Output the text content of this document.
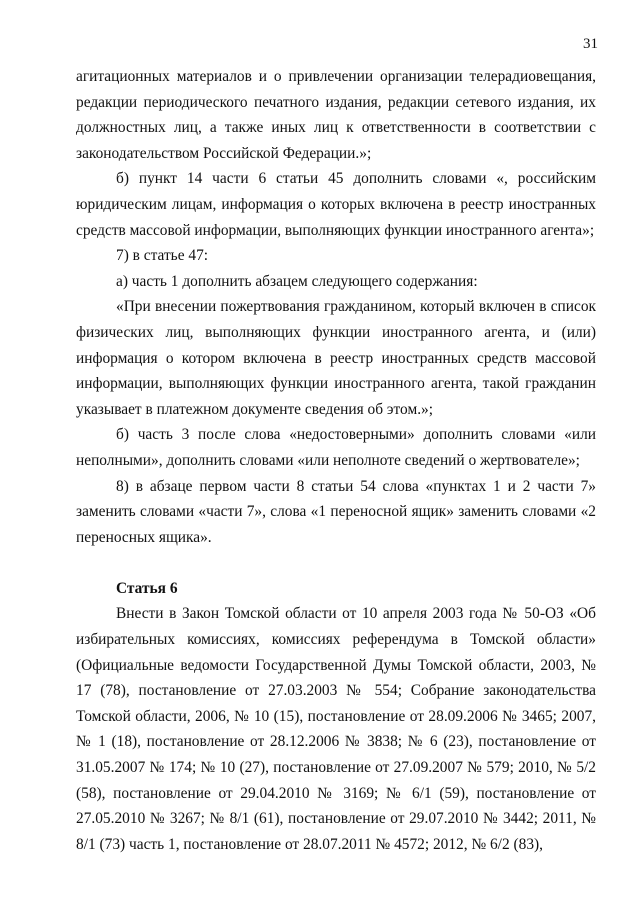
31

агитационных материалов и о привлечении организации телерадиовещания, редакции периодического печатного издания, редакции сетевого издания, их должностных лиц, а также иных лиц к ответственности в соответствии с законодательством Российской Федерации.»;

б) пункт 14 части 6 статьи 45 дополнить словами «, российским юридическим лицам, информация о которых включена в реестр иностранных средств массовой информации, выполняющих функции иностранного агента»;

7) в статье 47:

а) часть 1 дополнить абзацем следующего содержания:

«При внесении пожертвования гражданином, который включен в список физических лиц, выполняющих функции иностранного агента, и (или) информация о котором включена в реестр иностранных средств массовой информации, выполняющих функции иностранного агента, такой гражданин указывает в платежном документе сведения об этом.»;

б) часть 3 после слова «недостоверными» дополнить словами «или неполными», дополнить словами «или неполноте сведений о жертвователе»;

8) в абзаце первом части 8 статьи 54 слова «пунктах 1 и 2 части 7» заменить словами «части 7», слова «1 переносной ящик» заменить словами «2 переносных ящика».

Статья 6

Внести в Закон Томской области от 10 апреля 2003 года № 50-ОЗ «Об избирательных комиссиях, комиссиях референдума в Томской области» (Официальные ведомости Государственной Думы Томской области, 2003, № 17 (78), постановление от 27.03.2003 № 554; Собрание законодательства Томской области, 2006, № 10 (15), постановление от 28.09.2006 № 3465; 2007, № 1 (18), постановление от 28.12.2006 № 3838; № 6 (23), постановление от 31.05.2007 № 174; № 10 (27), постановление от 27.09.2007 № 579; 2010, № 5/2 (58), постановление от 29.04.2010 № 3169; № 6/1 (59), постановление от 27.05.2010 № 3267; № 8/1 (61), постановление от 29.07.2010 № 3442; 2011, № 8/1 (73) часть 1, постановление от 28.07.2011 № 4572; 2012, № 6/2 (83),
